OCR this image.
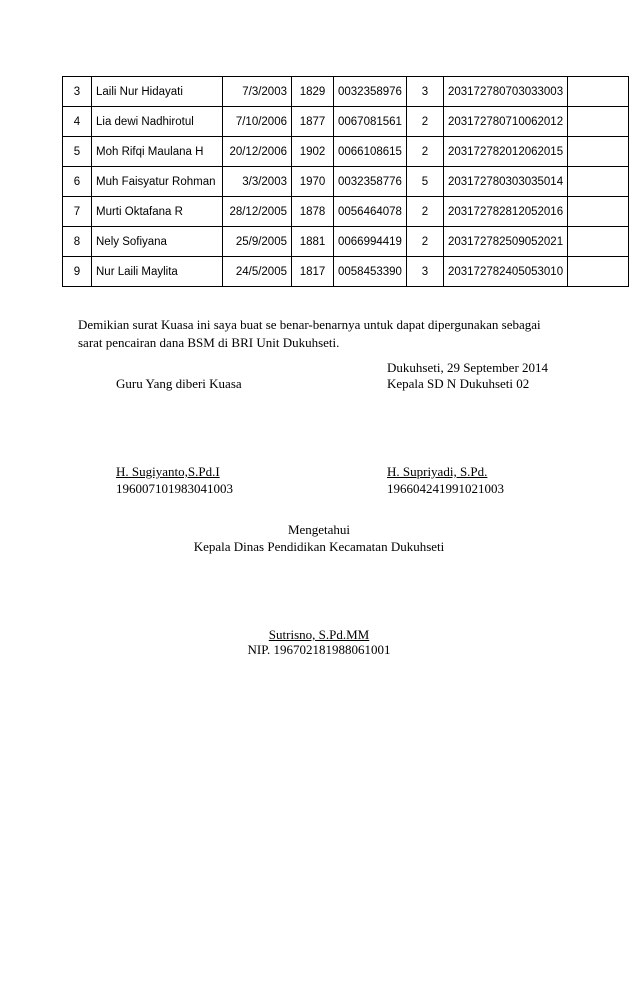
3	Laili Nur Hidayati	7/3/2003	1829	0032358976	3	203172780703033003	
4	Lia dewi Nadhirotul	7/10/2006	1877	0067081561	2	203172780710062012	
5	Moh Rifqi Maulana H	20/12/2006	1902	0066108615	2	203172782012062015	
6	Muh Faisyatur Rohman	3/3/2003	1970	0032358776	5	203172780303035014	
7	Murti Oktafana R	28/12/2005	1878	0056464078	2	203172782812052016	
8	Nely Sofiyana	25/9/2005	1881	0066994419	2	203172782509052021	
9	Nur Laili Maylita	24/5/2005	1817	0058453390	3	203172782405053010	
Demikian surat Kuasa ini saya buat se benar-benarnya untuk dapat dipergunakan sebagai
sarat pencairan dana BSM di BRI Unit Dukuhseti.
Dukuhseti, 29 September 2014
Guru Yang diberi Kuasa	Kepala SD N Dukuhseti 02
H. Sugiyanto,S.Pd.I
196007101983041003
H. Supriyadi, S.Pd.
196604241991021003
Mengetahui
Kepala Dinas Pendidikan Kecamatan Dukuhseti
Sutrisno, S.Pd.MM
NIP. 196702181988061001
